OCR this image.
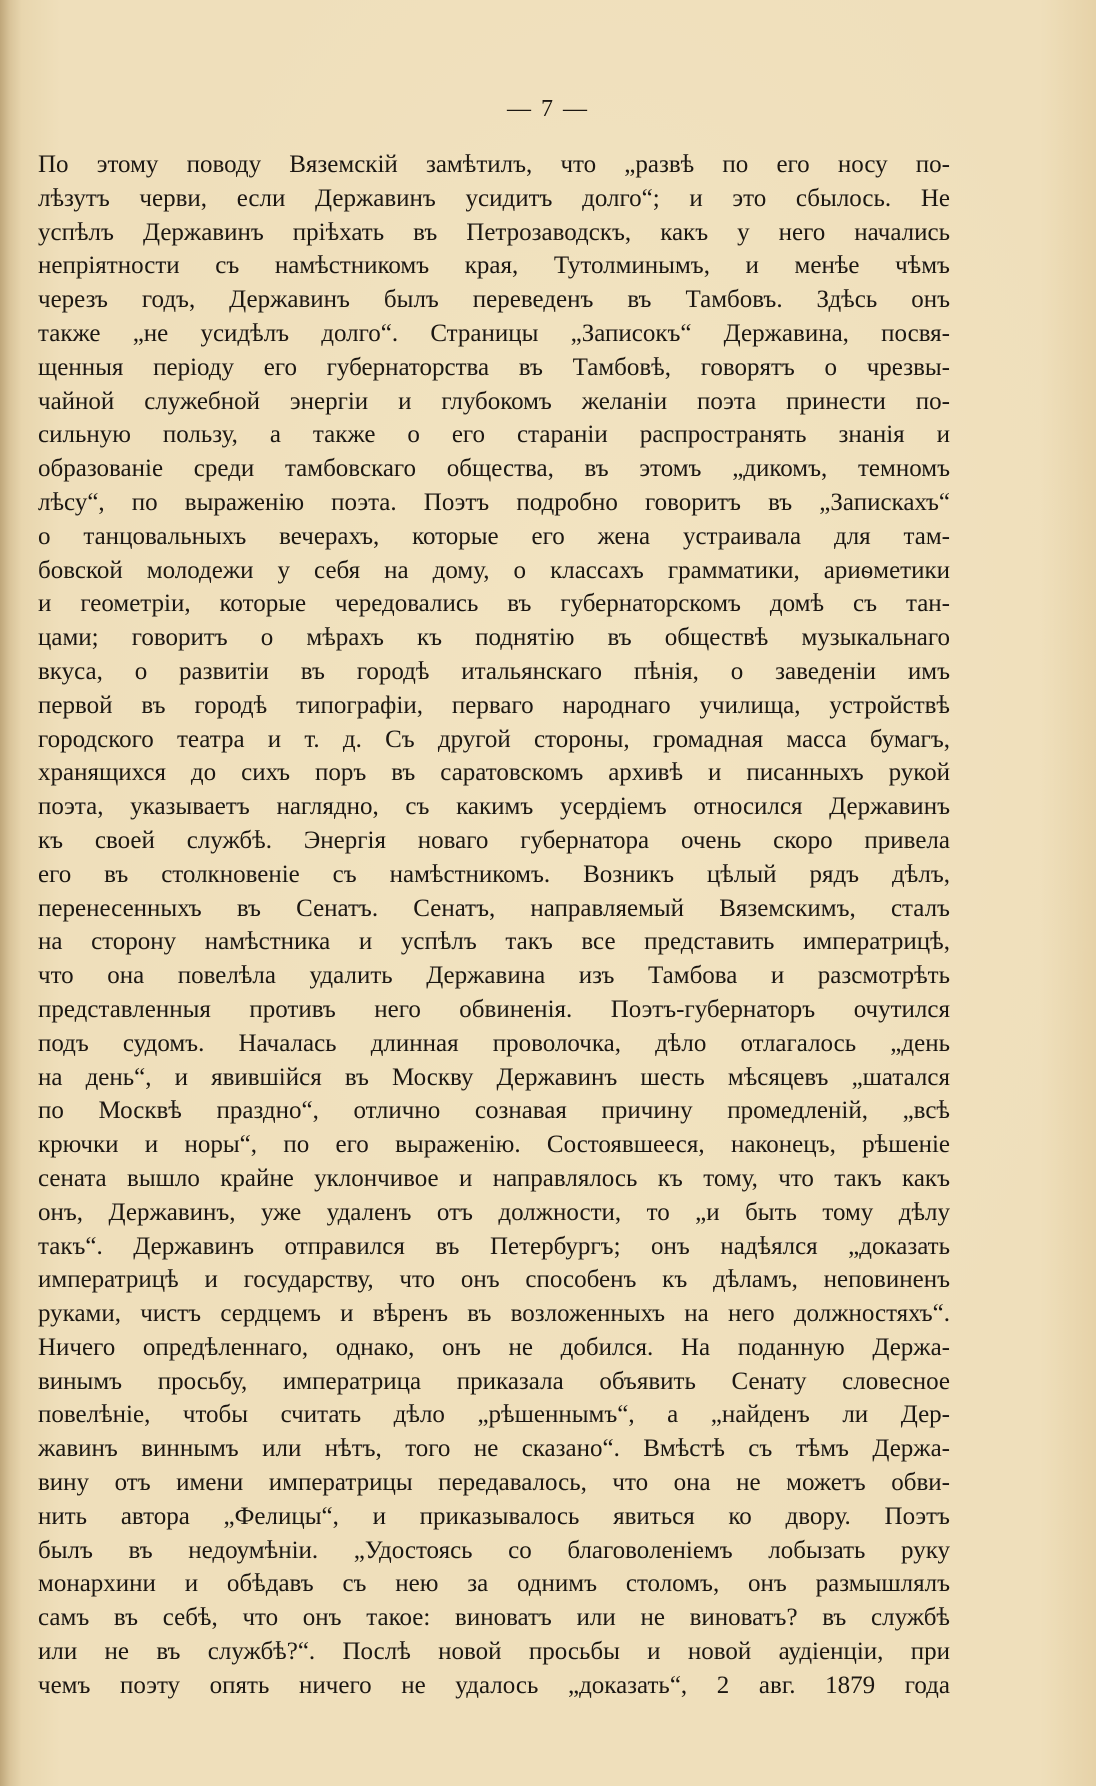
— 7 —
По этому поводу Вяземскій замѣтилъ, что „развѣ по его носу по-
лѣзутъ черви, если Державинъ усидитъ долго“; и это сбылось. Не
успѣлъ Державинъ пріѣхать въ Петрозаводскъ, какъ у него начались
непріятности съ намѣстникомъ края, Тутолминымъ, и менѣе чѣмъ
черезъ годъ, Державинъ былъ переведенъ въ Тамбовъ. Здѣсь онъ
также „не усидѣлъ долго“. Страницы „Записокъ“ Державина, посвя-
щенныя періоду его губернаторства въ Тамбовѣ, говорятъ о чрезвы-
чайной служебной энергіи и глубокомъ желаніи поэта принести по-
сильную пользу, а также о его стараніи распространять знанія и
образованіе среди тамбовскаго общества, въ этомъ „дикомъ, темномъ
лѣсу“, по выраженію поэта. Поэтъ подробно говоритъ въ „Запискахъ“
о танцовальныхъ вечерахъ, которые его жена устраивала для там-
бовской молодежи у себя на дому, о классахъ грамматики, ариѳметики
и геометріи, которые чередовались въ губернаторскомъ домѣ съ тан-
цами; говоритъ о мѣрахъ къ поднятію въ обществѣ музыкальнаго
вкуса, о развитіи въ городѣ итальянскаго пѣнія, о заведеніи имъ
первой въ городѣ типографіи, перваго народнаго училища, устройствѣ
городского театра и т. д. Съ другой стороны, громадная масса бумагъ,
хранящихся до сихъ поръ въ саратовскомъ архивѣ и писанныхъ рукой
поэта, указываетъ наглядно, съ какимъ усердіемъ относился Державинъ
къ своей службѣ. Энергія новаго губернатора очень скоро привела
его въ столкновеніе съ намѣстникомъ. Возникъ цѣлый рядъ дѣлъ,
перенесенныхъ въ Сенатъ. Сенатъ, направляемый Вяземскимъ, сталъ
на сторону намѣстника и успѣлъ такъ все представить императрицѣ,
что она повелѣла удалить Державина изъ Тамбова и разсмотрѣть
представленныя противъ него обвиненія. Поэтъ-губернаторъ очутился
подъ судомъ. Началась длинная проволочка, дѣло отлагалось „день
на день“, и явившійся въ Москву Державинъ шесть мѣсяцевъ „шатался
по Москвѣ праздно“, отлично сознавая причину промедленій, „всѣ
крючки и норы“, по его выраженію. Состоявшееся, наконецъ, рѣшеніе
сената вышло крайне уклончивое и направлялось къ тому, что такъ какъ
онъ, Державинъ, уже удаленъ отъ должности, то „и быть тому дѣлу
такъ“. Державинъ отправился въ Петербургъ; онъ надѣялся „доказать
императрицѣ и государству, что онъ способенъ къ дѣламъ, неповиненъ
руками, чистъ сердцемъ и вѣренъ въ возложенныхъ на него должностяхъ“.
Ничего опредѣленнаго, однако, онъ не добился. На поданную Держа-
винымъ просьбу, императрица приказала объявить Сенату словесное
повелѣніе, чтобы считать дѣло „рѣшеннымъ“, а „найденъ ли Дер-
жавинъ виннымъ или нѣтъ, того не сказано“. Вмѣстѣ съ тѣмъ Держа-
вину отъ имени императрицы передавалось, что она не можетъ обви-
нить автора „Фелицы“, и приказывалось явиться ко двору. Поэтъ
былъ въ недоумѣніи. „Удостоясь со благоволеніемъ лобызать руку
монархини и обѣдавъ съ нею за однимъ столомъ, онъ размышлялъ
самъ въ себѣ, что онъ такое: виноватъ или не виноватъ? въ службѣ
или не въ службѣ?“. Послѣ новой просьбы и новой аудіенціи, при
чемъ поэту опять ничего не удалось „доказать“, 2 авг. 1879 года
